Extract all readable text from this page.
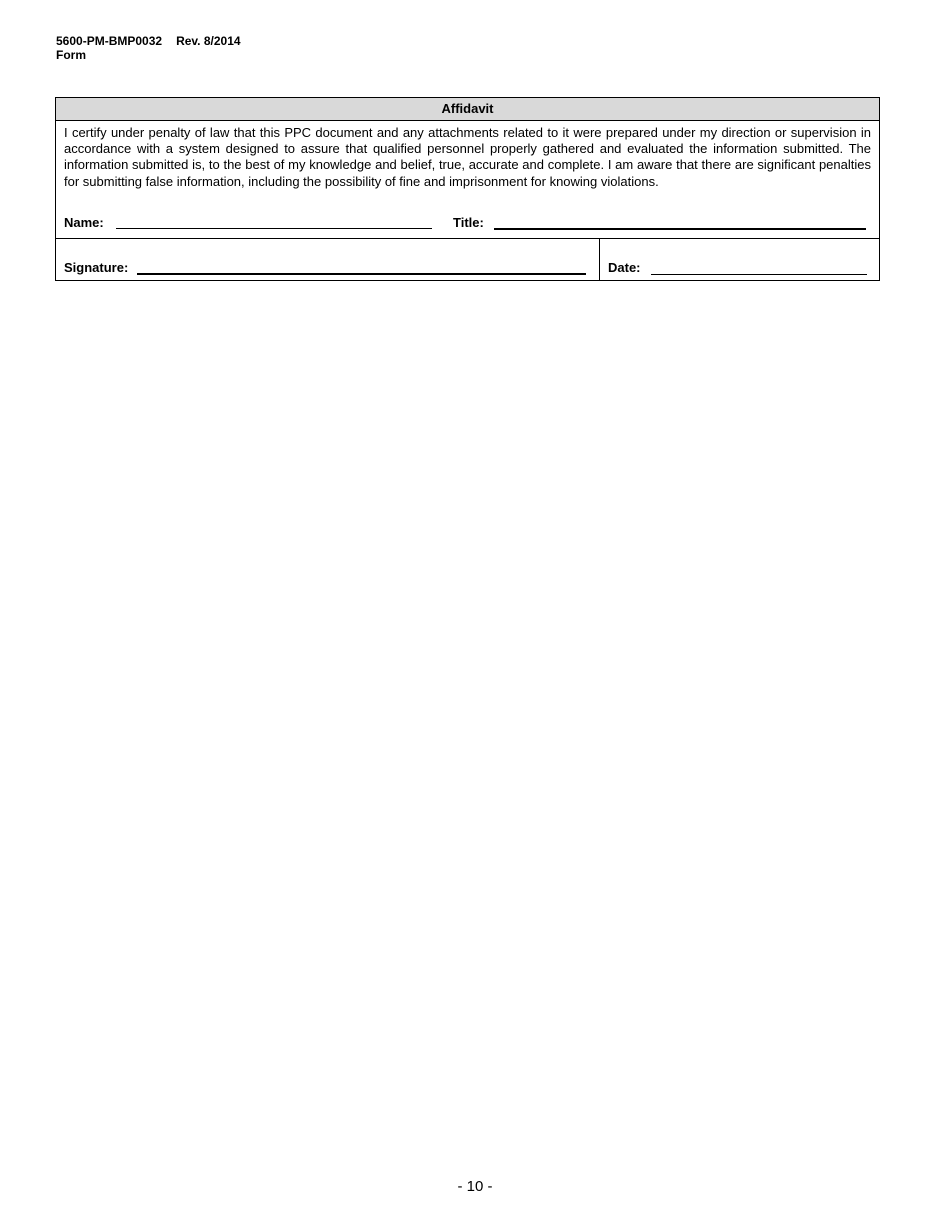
5600-PM-BMP0032 Rev. 8/2014
Form
Affidavit
I certify under penalty of law that this PPC document and any attachments related to it were prepared under my direction or supervision in accordance with a system designed to assure that qualified personnel properly gathered and evaluated the information submitted. The information submitted is, to the best of my knowledge and belief, true, accurate and complete. I am aware that there are significant penalties for submitting false information, including the possibility of fine and imprisonment for knowing violations.
Name:	Title:
Signature:	Date:
- 10 -
